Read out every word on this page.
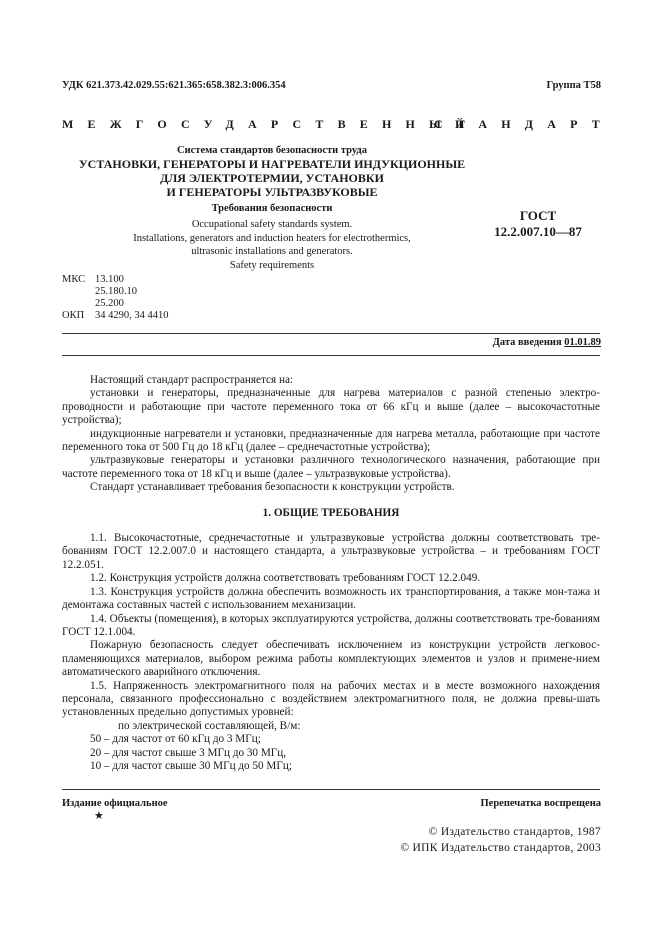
УДК 621.373.42.029.55:621.365:658.382.3:006.354	Группа Т58
МЕЖГОСУДАРСТВЕННЫЙ
СТАНДАРТ
Система стандартов безопасности труда
УСТАНОВКИ, ГЕНЕРАТОРЫ И НАГРЕВАТЕЛИ ИНДУКЦИОННЫЕ
ДЛЯ ЭЛЕКТРОТЕРМИИ, УСТАНОВКИ
И ГЕНЕРАТОРЫ УЛЬТРАЗВУКОВЫЕ
Требования безопасности
Occupational safety standards system.
Installations, generators and induction heaters for electrothermics,
ultrasonic installations and generators.
Safety requirements
ГОСТ
12.2.007.10—87
МКС 13.100
25.180.10
25.200
ОКП	34 4290, 34 4410
Дата введения 01.01.89

Настоящий стандарт распространяется на:

установки и генераторы, предназначенные для нагрева материалов с разной степенью электро-проводности и работающие при частоте переменного тока от 66 кГц и выше (далее – высокочастотные устройства);

индукционные нагреватели и установки, предназначенные для нагрева металла, работающие при частоте переменного тока от 500 Гц до 18 кГц (далее – среднечастотные устройства);

ультразвуковые генераторы и установки различного технологического назначения, работающие при частоте переменного тока от 18 кГц и выше (далее – ультразвуковые устройства).

Стандарт устанавливает требования безопасности к конструкции устройств.

1. ОБЩИЕ ТРЕБОВАНИЯ

1.1. Высокочастотные, среднечастотные и ультразвуковые устройства должны соответствовать тре-бованиям ГОСТ 12.2.007.0 и настоящего стандарта, а ультразвуковые устройства – и требованиям ГОСТ 12.2.051.

1.2. Конструкция устройств должна соответствовать требованиям ГОСТ 12.2.049.

1.3. Конструкция устройств должна обеспечить возможность их транспортирования, а также мон-тажа и демонтажа составных частей с использованием механизации.

1.4. Объекты (помещения), в которых эксплуатируются устройства, должны соответствовать тре-бованиям ГОСТ 12.1.004.

Пожарную безопасность следует обеспечивать исключением из конструкции устройств легковос-пламеняющихся материалов, выбором режима работы комплектующих элементов и узлов и примене-нием автоматического аварийного отключения.

1.5. Напряженность электромагнитного поля на рабочих местах и в месте возможного нахождения персонала, связанного профессионально с воздействием электромагнитного поля, не должна превы-шать установленных предельно допустимых уровней:

по электрической составляющей, В/м:

50 – для частот от 60 кГц до 3 МГц;

20 – для частот свыше 3 МГц до 30 МГц,

10 – для частот свыше 30 МГц до 50 МГц;

Издание официальное
★
Перепечатка воспрещена
© Издательство стандартов, 1987
© ИПК Издательство стандартов, 2003
